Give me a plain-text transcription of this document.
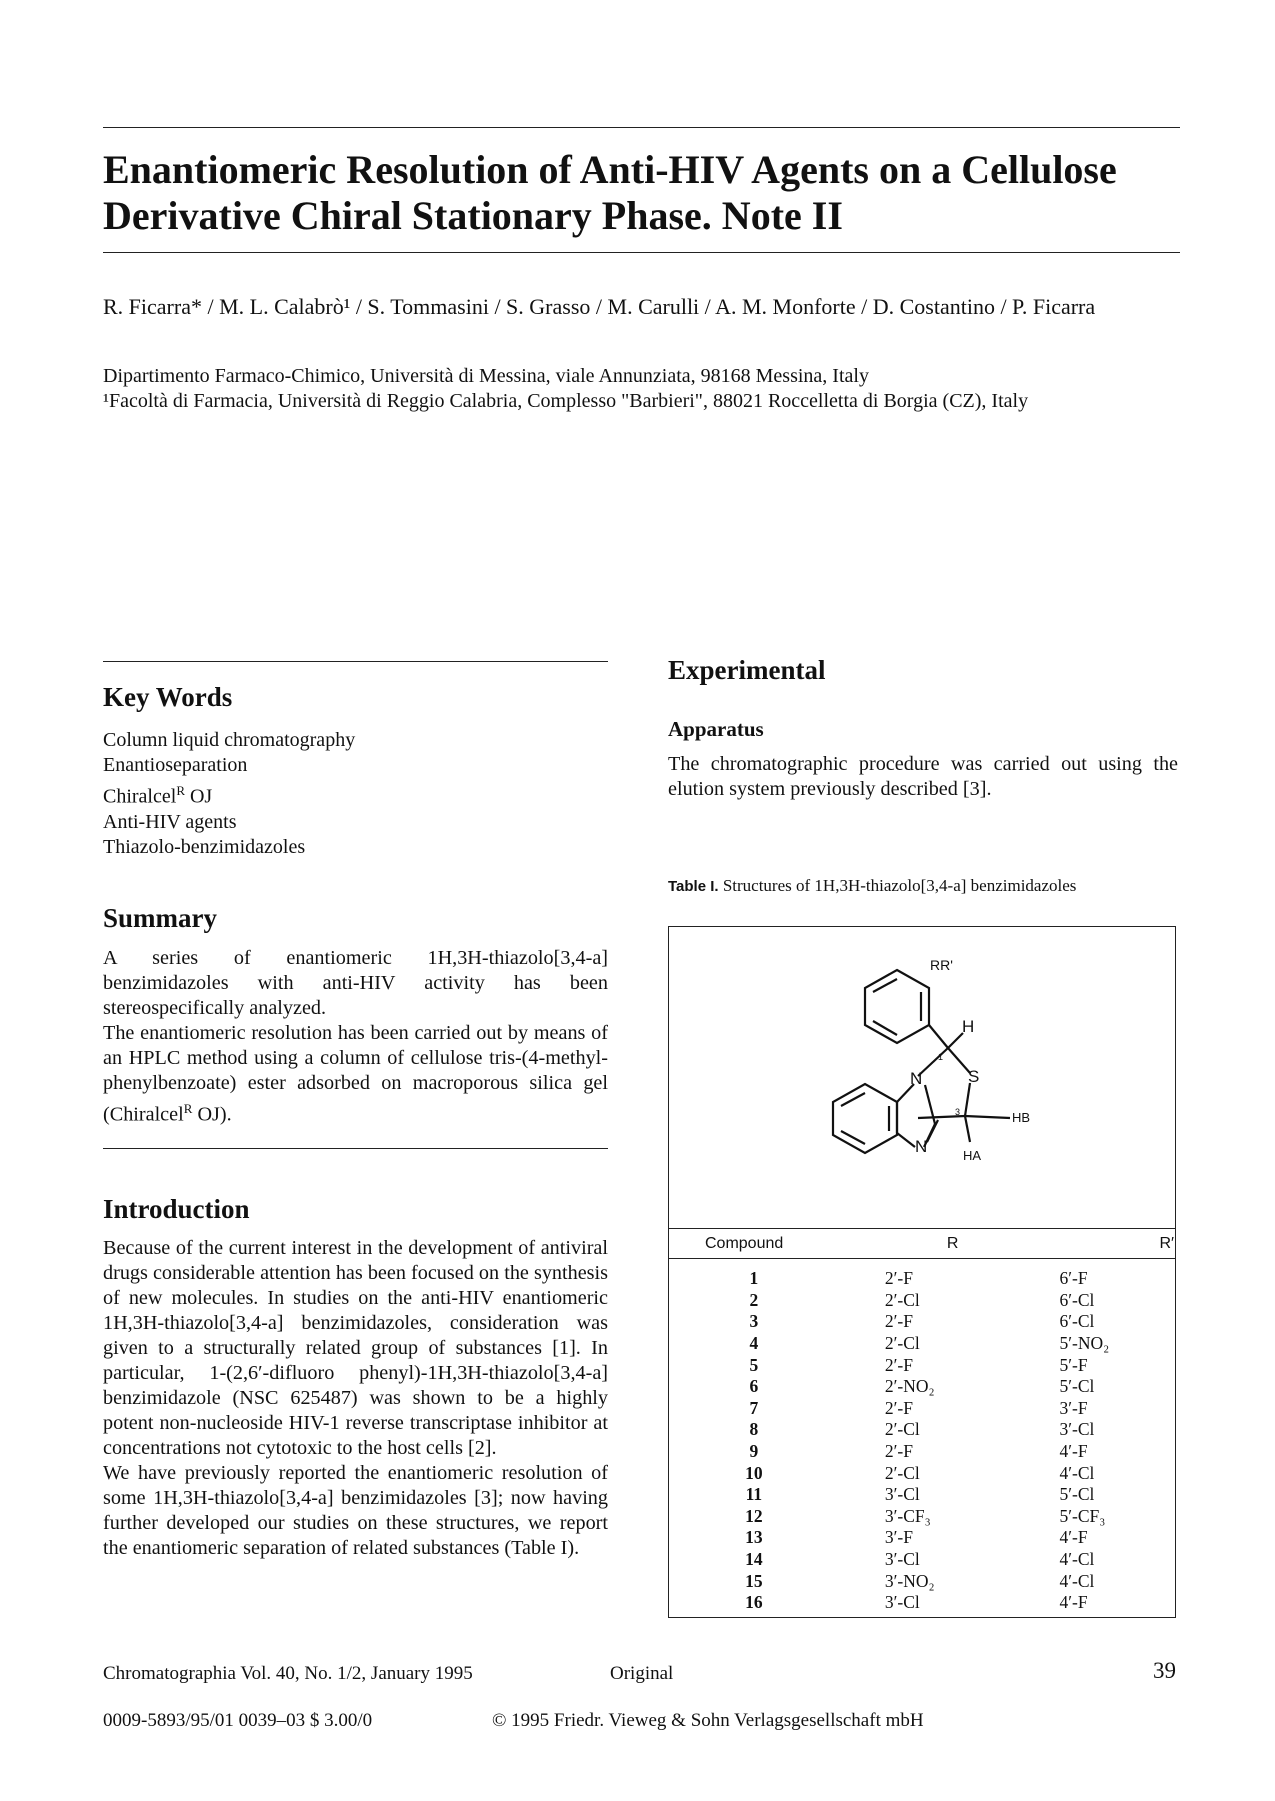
Enantiomeric Resolution of Anti-HIV Agents on a Cellulose Derivative Chiral Stationary Phase. Note II
R. Ficarra* / M. L. Calabrò¹ / S. Tommasini / S. Grasso / M. Carulli / A. M. Monforte / D. Costantino / P. Ficarra
Dipartimento Farmaco-Chimico, Università di Messina, viale Annunziata, 98168 Messina, Italy
¹Facoltà di Farmacia, Università di Reggio Calabria, Complesso "Barbieri", 88021 Roccelletta di Borgia (CZ), Italy
Key Words
Column liquid chromatography
Enantioseparation
Chiralcel$^R$ OJ
Anti-HIV agents
Thiazolo-benzimidazoles
Summary
A series of enantiomeric 1H,3H-thiazolo[3,4-a] benzimidazoles with anti-HIV activity has been stereospecifically analyzed.
The enantiomeric resolution has been carried out by means of an HPLC method using a column of cellulose tris-(4-methyl-phenylbenzoate) ester adsorbed on macroporous silica gel (Chiralcel$^R$ OJ).
Introduction
Because of the current interest in the development of antiviral drugs considerable attention has been focused on the synthesis of new molecules. In studies on the anti-HIV enantiomeric 1H,3H-thiazolo[3,4-a] benzimidazoles, consideration was given to a structurally related group of substances [1]. In particular, 1-(2,6′-difluoro phenyl)-1H,3H-thiazolo[3,4-a] benzimidazole (NSC 625487) was shown to be a highly potent non-nucleoside HIV-1 reverse transcriptase inhibitor at concentrations not cytotoxic to the host cells [2].
We have previously reported the enantiomeric resolution of some 1H,3H-thiazolo[3,4-a] benzimidazoles [3]; now having further developed our studies on these structures, we report the enantiomeric separation of related substances (Table I).
Experimental
Apparatus
The chromatographic procedure was carried out using the elution system previously described [3].
Table I. Structures of 1H,3H-thiazolo[3,4-a] benzimidazoles
RR'
H
S
N
N
HB
HA
1
3
Compound	R	R′

1	2′-F	6′-F
2	2′-Cl	6′-Cl
3	2′-F	6′-Cl
4	2′-Cl	5′-NO₂
5	2′-F	5′-F
6	2′-NO₂	5′-Cl
7	2′-F	3′-F
8	2′-Cl	3′-Cl
9	2′-F	4′-F
10	2′-Cl	4′-Cl
11	3′-Cl	5′-Cl
12	3′-CF₃	5′-CF₃
13	3′-F	4′-F
14	3′-Cl	4′-Cl
15	3′-NO₂	4′-Cl
16	3′-Cl	4′-F
Chromatographia Vol. 40, No. 1/2, January 1995	Original	39
0009-5893/95/01 0039–03 $ 3.00/0	© 1995 Friedr. Vieweg & Sohn Verlagsgesellschaft mbH
